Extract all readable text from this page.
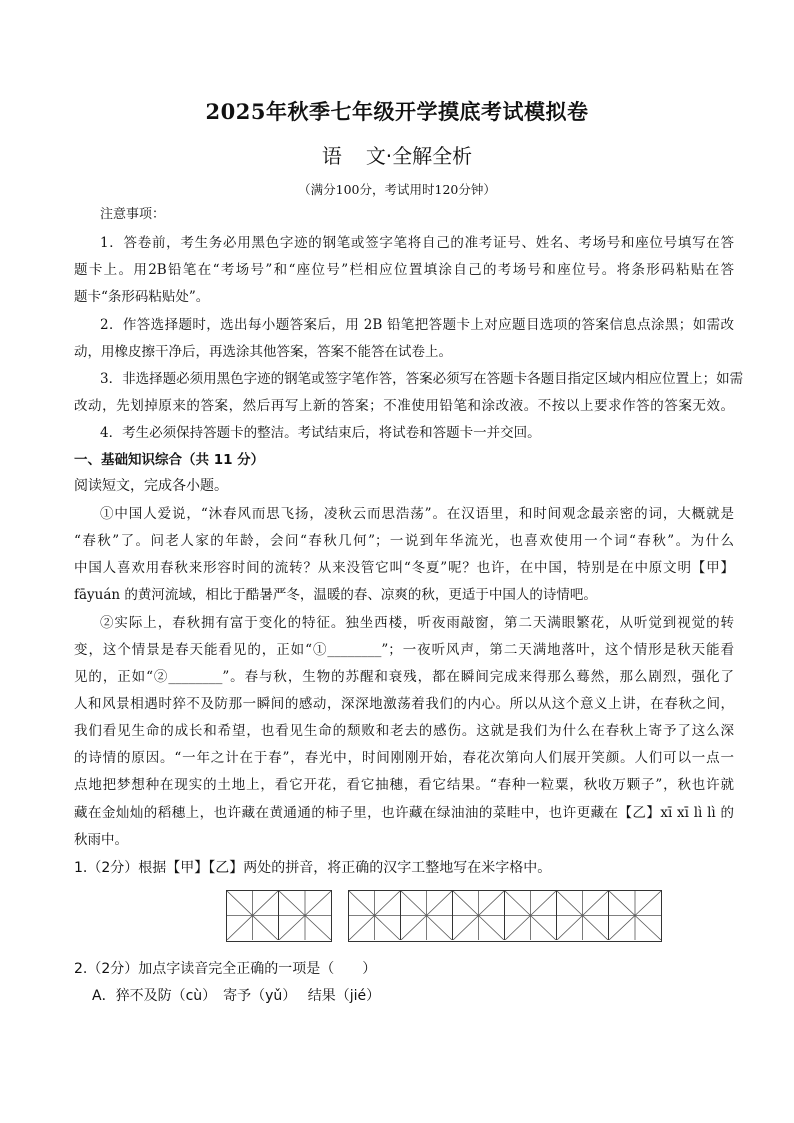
2025年秋季七年级开学摸底考试模拟卷
语 文·全解全析
（满分100分，考试用时120分钟）
注意事项：
1．答卷前，考生务必用黑色字迹的钢笔或签字笔将自己的准考证号、姓名、考场号和座位号填写在答
题卡上。用2B铅笔在“考场号”和“座位号”栏相应位置填涂自己的考场号和座位号。将条形码粘贴在答
题卡“条形码粘贴处”。
2．作答选择题时，选出每小题答案后，用 2B 铅笔把答题卡上对应题目选项的答案信息点涂黑；如需改
动，用橡皮擦干净后，再选涂其他答案，答案不能答在试卷上。
3．非选择题必须用黑色字迹的钢笔或签字笔作答，答案必须写在答题卡各题目指定区域内相应位置上；如需
改动，先划掉原来的答案，然后再写上新的答案；不准使用铅笔和涂改液。不按以上要求作答的答案无效。
4．考生必须保持答题卡的整洁。考试结束后，将试卷和答题卡一并交回。
一、基础知识综合（共 11 分）
阅读短文，完成各小题。
①中国人爱说，“沐春风而思飞扬，凌秋云而思浩荡”。在汉语里，和时间观念最亲密的词，大概就是
“春秋”了。问老人家的年龄，会问“春秋几何”；一说到年华流光，也喜欢使用一个词“春秋”。为什么
中国人喜欢用春秋来形容时间的流转？从来没管它叫“冬夏”呢？也许，在中国，特别是在中原文明【甲】
fāyuán 的黄河流域，相比于酷暑严冬，温暖的春、凉爽的秋，更适于中国人的诗情吧。
②实际上，春秋拥有富于变化的特征。独坐西楼，听夜雨敲窗，第二天满眼繁花，从听觉到视觉的转
变，这个情景是春天能看见的，正如“①________”；一夜听风声，第二天满地落叶，这个情形是秋天能看
见的，正如“②________”。春与秋，生物的苏醒和衰残，都在瞬间完成来得那么蓦然，那么剧烈，强化了
人和风景相遇时猝不及防那一瞬间的感动，深深地激荡着我们的内心。所以从这个意义上讲，在春秋之间，
我们看见生命的成长和希望，也看见生命的颓败和老去的感伤。这就是我们为什么在春秋上寄予了这么深
的诗情的原因。“一年之计在于春”，春光中，时间刚刚开始，春花次第向人们展开笑颜。人们可以一点一
点地把梦想种在现实的土地上，看它开花，看它抽穗，看它结果。“春种一粒粟，秋收万颗子”，秋也许就
藏在金灿灿的稻穗上，也许藏在黄通通的柿子里，也许藏在绿油油的菜畦中，也许更藏在【乙】xī xī lì lì 的
秋雨中。
1.（2分）根据【甲】【乙】两处的拼音，将正确的汉字工整地写在米字格中。
2.（2分）加点字读音完全正确的一项是（　　）
A．猝不及防（cù）　寄予（yǔ）　 结果（jié）
